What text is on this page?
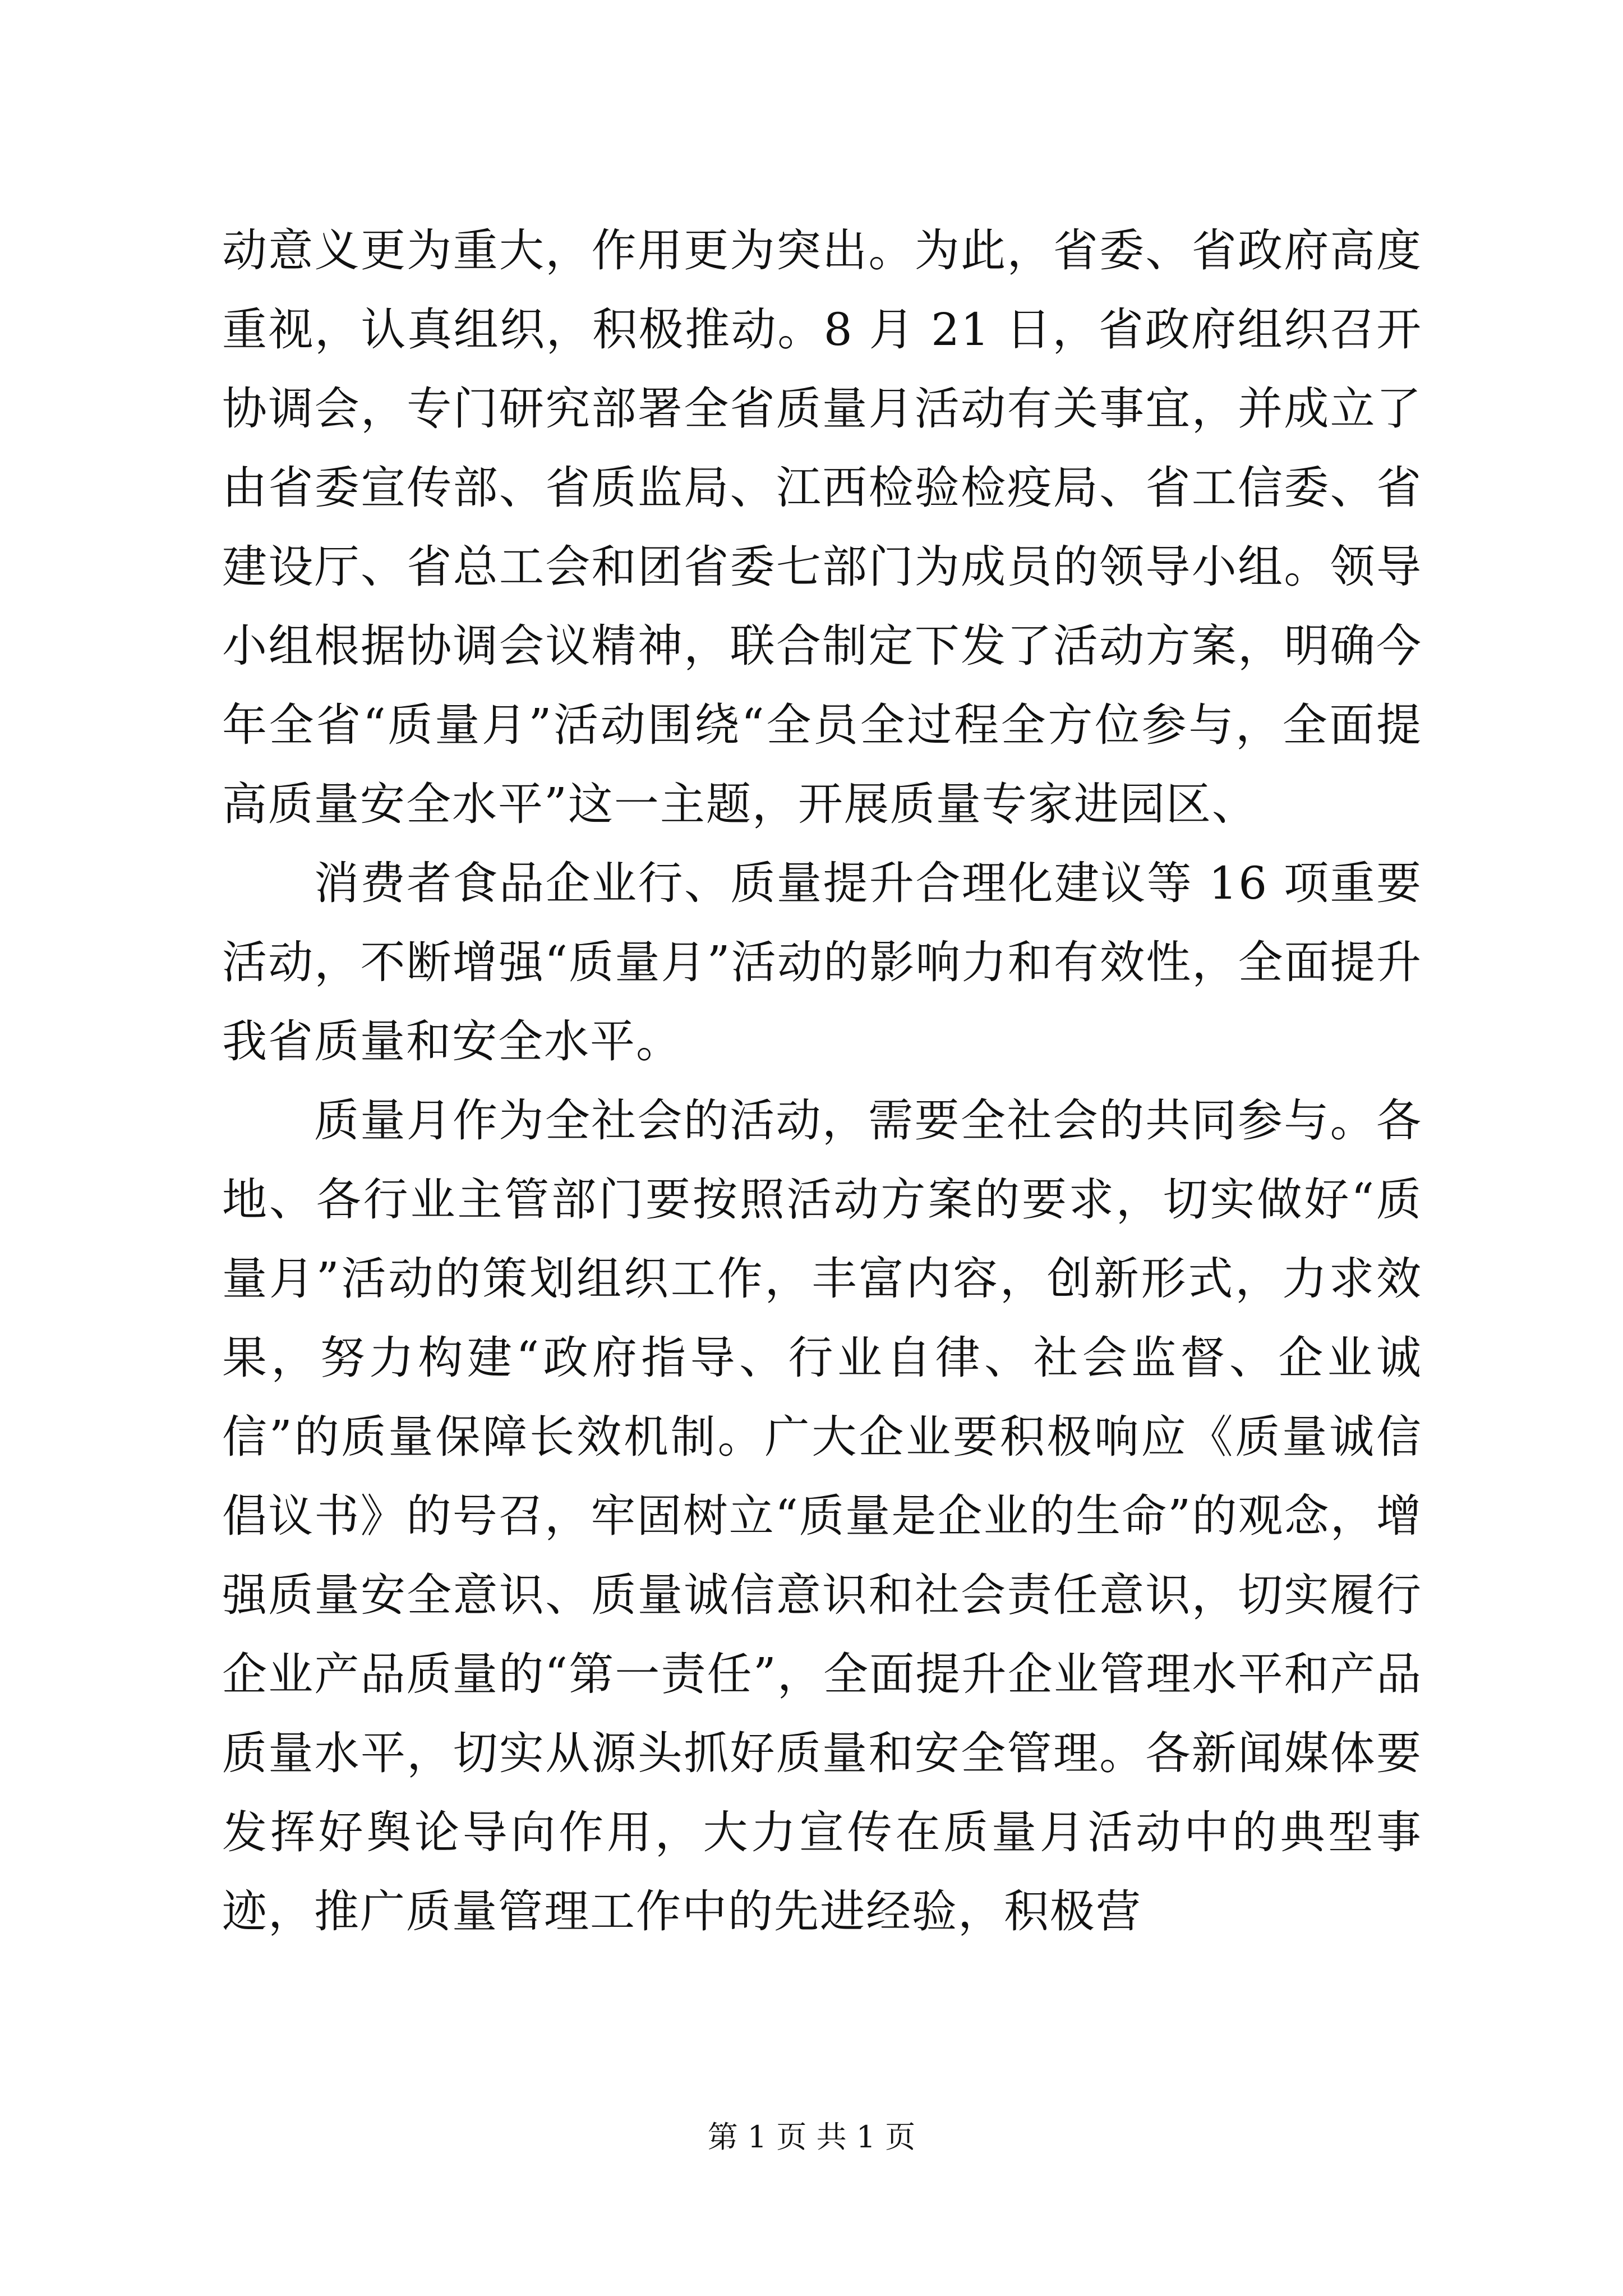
动意义更为重大，作用更为突出。为此，省委、省政府高度重视，认真组织，积极推动。8 月 21 日，省政府组织召开协调会，专门研究部署全省质量月活动有关事宜，并成立了由省委宣传部、省质监局、江西检验检疫局、省工信委、省建设厅、省总工会和团省委七部门为成员的领导小组。领导小组根据协调会议精神，联合制定下发了活动方案，明确今年全省“质量月”活动围绕“全员全过程全方位参与，全面提高质量安全水平”这一主题，开展质量专家进园区、

消费者食品企业行、质量提升合理化建议等 16 项重要活动，不断增强“质量月”活动的影响力和有效性，全面提升我省质量和安全水平。

质量月作为全社会的活动，需要全社会的共同参与。各地、各行业主管部门要按照活动方案的要求，切实做好“质量月”活动的策划组织工作，丰富内容，创新形式，力求效果，努力构建“政府指导、行业自律、社会监督、企业诚信”的质量保障长效机制。广大企业要积极响应《质量诚信倡议书》的号召，牢固树立“质量是企业的生命”的观念，增强质量安全意识、质量诚信意识和社会责任意识，切实履行企业产品质量的“第一责任”，全面提升企业管理水平和产品质量水平，切实从源头抓好质量和安全管理。各新闻媒体要发挥好舆论导向作用，大力宣传在质量月活动中的典型事迹，推广质量管理工作中的先进经验，积极营

第 1 页 共 1 页
